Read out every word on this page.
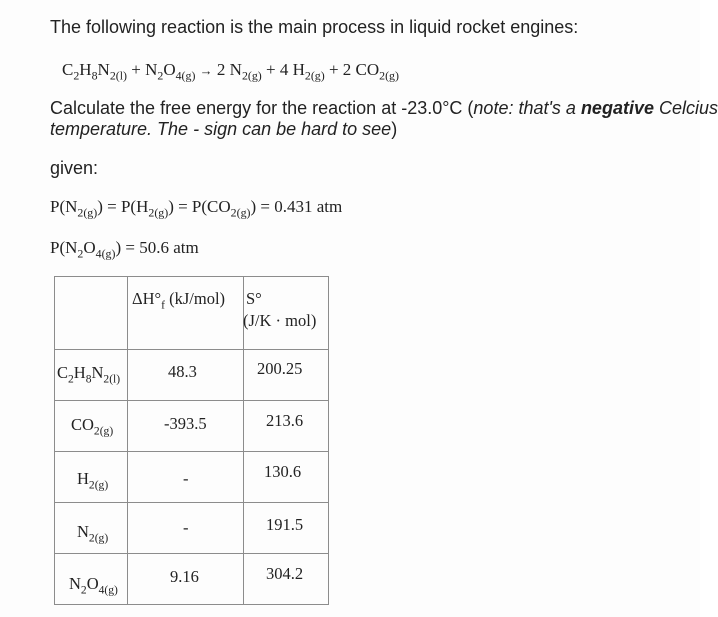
The following reaction is the main process in liquid rocket engines:
$C_2H_8N_{2(l)} + N_2O_{4(g)} \to 2$ $N_{2(g)} + 4$ $H_{2(g)} + 2$ $CO_{2(g)}$
Calculate the free energy for the reaction at -23.0°C (note: that's a negative Celcius
temperature. The - sign can be hard to see)
given:
$P(N_{2(g)}) = P(H_{2(g)}) = P(CO_{2(g)}) = 0.431$ atm
$P(N_2O_{4(g)}) = 50.6$ atm

	$\Delta H^\circ_f$ (kJ/mol)	S°
(J/K · mol)

$C_2H_8N_{2(l)}$	48.3	200.25

$CO_{2(g)}$	-393.5	213.6

$H_{2(g)}$	-	130.6

$N_{2(g)}$	-	191.5

$N_2O_{4(g)}$	9.16	304.2
